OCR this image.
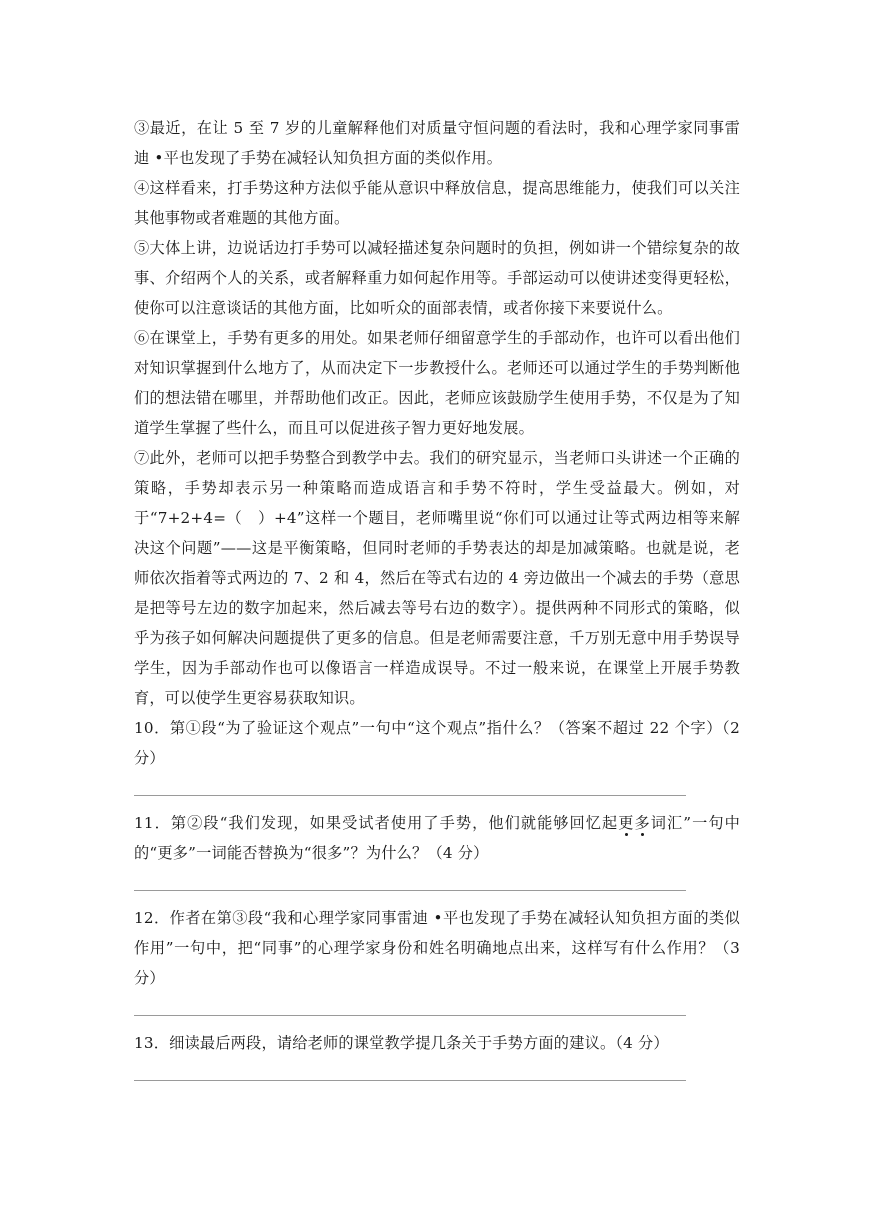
③最近，在让 5 至 7 岁的儿童解释他们对质量守恒问题的看法时，我和心理学家同事雷迪 •平也发现了手势在减轻认知负担方面的类似作用。

④这样看来，打手势这种方法似乎能从意识中释放信息，提高思维能力，使我们可以关注其他事物或者难题的其他方面。

⑤大体上讲，边说话边打手势可以减轻描述复杂问题时的负担，例如讲一个错综复杂的故事、介绍两个人的关系，或者解释重力如何起作用等。手部运动可以使讲述变得更轻松，使你可以注意谈话的其他方面，比如听众的面部表情，或者你接下来要说什么。

⑥在课堂上，手势有更多的用处。如果老师仔细留意学生的手部动作，也许可以看出他们对知识掌握到什么地方了，从而决定下一步教授什么。老师还可以通过学生的手势判断他们的想法错在哪里，并帮助他们改正。因此，老师应该鼓励学生使用手势，不仅是为了知道学生掌握了些什么，而且可以促进孩子智力更好地发展。

⑦此外，老师可以把手势整合到教学中去。我们的研究显示，当老师口头讲述一个正确的策略，手势却表示另一种策略而造成语言和手势不符时，学生受益最大。例如，对于“7+2+4=（　）+4”这样一个题目，老师嘴里说“你们可以通过让等式两边相等来解决这个问题”——这是平衡策略，但同时老师的手势表达的却是加减策略。也就是说，老师依次指着等式两边的 7、2 和 4，然后在等式右边的 4 旁边做出一个减去的手势（意思是把等号左边的数字加起来，然后减去等号右边的数字）。提供两种不同形式的策略，似乎为孩子如何解决问题提供了更多的信息。但是老师需要注意，千万别无意中用手势误导学生，因为手部动作也可以像语言一样造成误导。不过一般来说，在课堂上开展手势教育，可以使学生更容易获取知识。

10．第①段“为了验证这个观点”一句中“这个观点”指什么？（答案不超过 22 个字）（2 分）

11．第②段“我们发现，如果受试者使用了手势，他们就能够回忆起更多词汇”一句中的“更多”一词能否替换为“很多”？为什么？（4 分）

12．作者在第③段“我和心理学家同事雷迪 •平也发现了手势在减轻认知负担方面的类似作用”一句中，把“同事”的心理学家身份和姓名明确地点出来，这样写有什么作用？（3 分）

13．细读最后两段，请给老师的课堂教学提几条关于手势方面的建议。（4 分）
